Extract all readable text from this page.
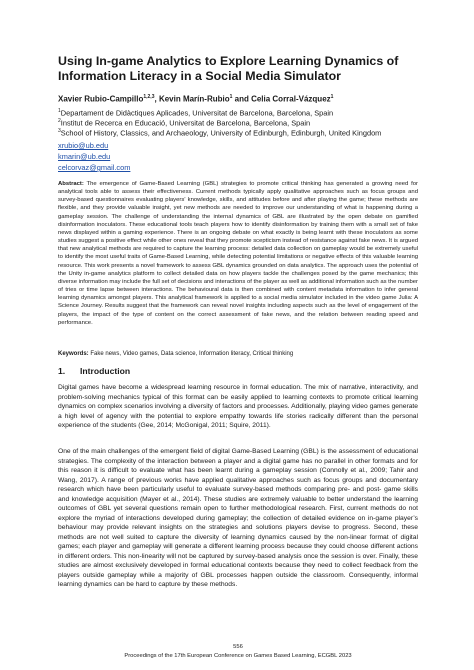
Using In-game Analytics to Explore Learning Dynamics of Information Literacy in a Social Media Simulator
Xavier Rubio-Campillo$^{1,2,3}$, Kevin Marín-Rubio$^1$ and Celia Corral-Vázquez$^1$
$^1$Departament de Didàctiques Aplicades, Universitat de Barcelona, Barcelona, Spain
$^2$Institut de Recerca en Educació, Universitat de Barcelona, Barcelona, Spain
$^3$School of History, Classics, and Archaeology, University of Edinburgh, Edinburgh, United Kingdom
xrubio@ub.edu
kmarin@ub.edu
celcorvaz@gmail.com
Abstract: The emergence of Game-Based Learning (GBL) strategies to promote critical thinking has generated a growing need for analytical tools able to assess their effectiveness. Current methods typically apply qualitative approaches such as focus groups and survey-based questionnaires evaluating players’ knowledge, skills, and attitudes before and after playing the game; these methods are flexible, and they provide valuable insight, yet new methods are needed to improve our understanding of what is happening during a gameplay session. The challenge of understanding the internal dynamics of GBL are illustrated by the open debate on gamified disinformation inoculators. These educational tools teach players how to identify disinformation by training them with a small set of fake news displayed within a gaming experience. There is an ongoing debate on what exactly is being learnt with these inoculators as some studies suggest a positive effect while other ones reveal that they promote scepticism instead of resistance against fake news. It is argued that new analytical methods are required to capture the learning process: detailed data collection on gameplay would be extremely useful to identify the most useful traits of Game-Based Learning, while detecting potential limitations or negative effects of this valuable learning resource. This work presents a novel framework to assess GBL dynamics grounded on data analytics. The approach uses the potential of the Unity in-game analytics platform to collect detailed data on how players tackle the challenges posed by the game mechanics; this diverse information may include the full set of decisions and interactions of the player as well as additional information such as the number of tries or time lapse between interactions. The behavioural data is then combined with content metadata information to infer general learning dynamics amongst players. This analytical framework is applied to a social media simulator included in the video game Julia: A Science Journey. Results suggest that the framework can reveal novel insights including aspects such as the level of engagement of the players, the impact of the type of content on the correct assessment of fake news, and the relation between reading speed and performance.
Keywords: Fake news, Video games, Data science, Information literacy, Critical thinking
1. Introduction
Digital games have become a widespread learning resource in formal education. The mix of narrative, interactivity, and problem-solving mechanics typical of this format can be easily applied to learning contexts to promote critical learning dynamics on complex scenarios involving a diversity of factors and processes. Additionally, playing video games generate a high level of agency with the potential to explore empathy towards life stories radically different than the personal experience of the students (Gee, 2014; McGonigal, 2011; Squire, 2011).
One of the main challenges of the emergent field of digital Game-Based Learning (GBL) is the assessment of educational strategies. The complexity of the interaction between a player and a digital game has no parallel in other formats and for this reason it is difficult to evaluate what has been learnt during a gameplay session (Connolly et al., 2009; Tahir and Wang, 2017). A range of previous works have applied qualitative approaches such as focus groups and documentary research which have been particularly useful to evaluate survey-based methods comparing pre- and post- game skills and knowledge acquisition (Mayer et al., 2014). These studies are extremely valuable to better understand the learning outcomes of GBL yet several questions remain open to further methodological research. First, current methods do not explore the myriad of interactions developed during gameplay; the collection of detailed evidence on in-game player’s behaviour may provide relevant insights on the strategies and solutions players devise to progress. Second, these methods are not well suited to capture the diversity of learning dynamics caused by the non-linear format of digital games; each player and gameplay will generate a different learning process because they could choose different actions in different orders. This non-linearity will not be captured by survey-based analysis once the session is over. Finally, these studies are almost exclusively developed in formal educational contexts because they need to collect feedback from the players outside gameplay while a majority of GBL processes happen outside the classroom. Consequently, informal learning dynamics can be hard to capture by these methods.
556
Proceedings of the 17th European Conference on Games Based Learning, ECGBL 2023
